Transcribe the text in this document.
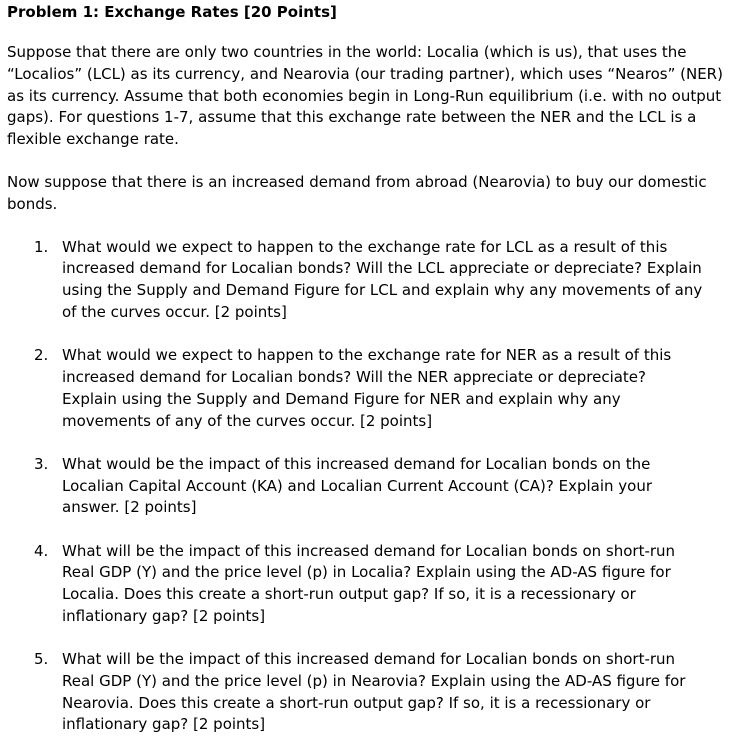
Problem 1: Exchange Rates [20 Points]

Suppose that there are only two countries in the world: Localia (which is us), that uses the “Localios” (LCL) as its currency, and Nearovia (our trading partner), which uses “Nearos” (NER) as its currency. Assume that both economies begin in Long-Run equilibrium (i.e. with no output gaps). For questions 1-7, assume that this exchange rate between the NER and the LCL is a flexible exchange rate.

Now suppose that there is an increased demand from abroad (Nearovia) to buy our domestic bonds.

1. What would we expect to happen to the exchange rate for LCL as a result of this increased demand for Localian bonds? Will the LCL appreciate or depreciate? Explain using the Supply and Demand Figure for LCL and explain why any movements of any of the curves occur. [2 points]
2. What would we expect to happen to the exchange rate for NER as a result of this increased demand for Localian bonds? Will the NER appreciate or depreciate? Explain using the Supply and Demand Figure for NER and explain why any movements of any of the curves occur. [2 points]
3. What would be the impact of this increased demand for Localian bonds on the Localian Capital Account (KA) and Localian Current Account (CA)? Explain your answer. [2 points]
4. What will be the impact of this increased demand for Localian bonds on short-run Real GDP (Y) and the price level (p) in Localia? Explain using the AD-AS figure for Localia. Does this create a short-run output gap? If so, it is a recessionary or inflationary gap? [2 points]
5. What will be the impact of this increased demand for Localian bonds on short-run Real GDP (Y) and the price level (p) in Nearovia? Explain using the AD-AS figure for Nearovia. Does this create a short-run output gap? If so, it is a recessionary or inflationary gap? [2 points]
